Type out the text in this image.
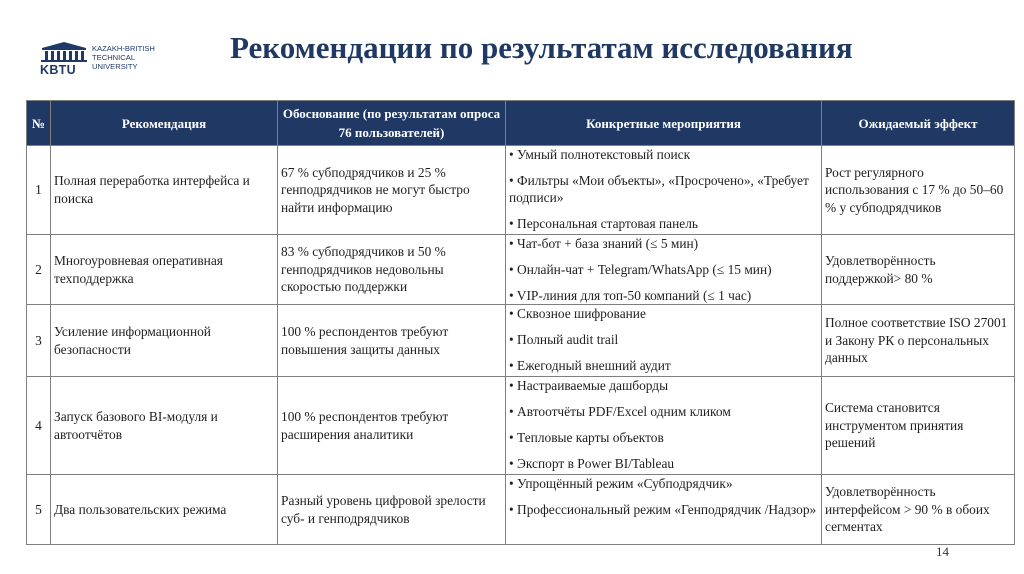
KBTU
KAZAKH-BRITISH
TECHNICAL
UNIVERSITY
Рекомендации по результатам исследования
№	Рекомендация	Обоснование (по результатам опроса 76 пользователей)	Конкретные мероприятия	Ожидаемый эффект
1	Полная переработка интерфейса и поиска	67 % субподрядчиков и 25 % генподрядчиков не могут быстро найти информацию	• Умный полнотекстовый поиск
• Фильтры «Мои объекты», «Просрочено», «Требует подписи»
• Персональная стартовая панель	Рост регулярного использования с 17 % до 50–60 % у субподрядчиков
2	Многоуровневая оперативная техподдержка	83 % субподрядчиков и 50 % генподрядчиков недовольны скоростью поддержки	• Чат-бот + база знаний (≤ 5 мин)
• Онлайн-чат + Telegram/WhatsApp (≤ 15 мин)
• VIP-линия для топ-50 компаний (≤ 1 час)	Удовлетворённость поддержкой> 80 %
3	Усиление информационной безопасности	100 % респондентов требуют повышения защиты данных	• Сквозное шифрование
• Полный audit trail
• Ежегодный внешний аудит	Полное соответствие ISO 27001 и Закону РК о персональных данных
4	Запуск базового BI-модуля и автоотчётов	100 % респондентов требуют расширения аналитики	• Настраиваемые дашборды
• Автоотчёты PDF/Excel одним кликом
• Тепловые карты объектов
• Экспорт в Power BI/Tableau	Система становится инструментом принятия решений
5	Два пользовательских режима	Разный уровень цифровой зрелости суб- и генподрядчиков	• Упрощённый режим «Субподрядчик»
• Профессиональный режим «Генподрядчик /Надзор»	Удовлетворённость интерфейсом > 90 % в обоих сегментах
14
